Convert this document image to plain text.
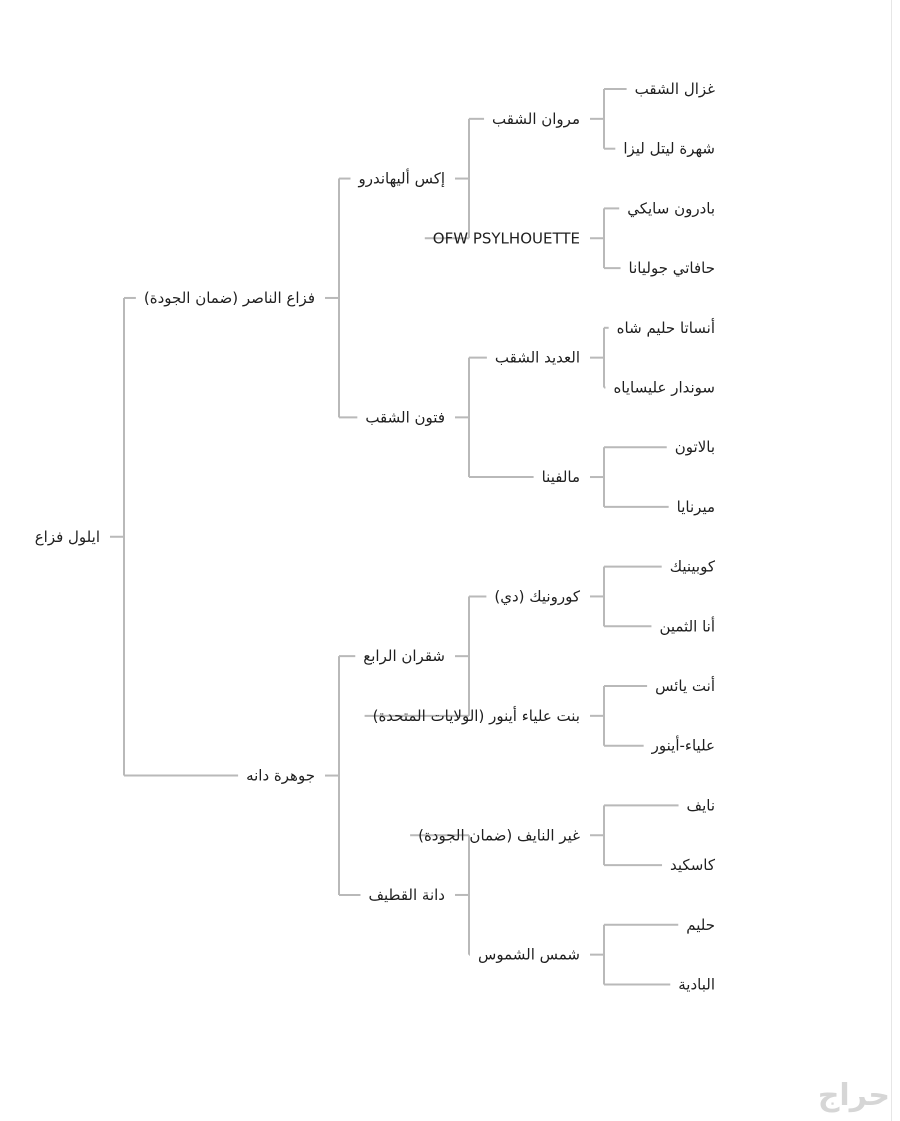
ايلول فزاع
فزاع الناصر (ضمان الجودة)
إكس أليهاندرو
مروان الشقب
غزال الشقب
شهرة ليتل ليزا
OFW PSYLHOUETTE
بادرون سايكي
حافاتي جوليانا
فتون الشقب
العديد الشقب
أنساتا حليم شاه
سوندار عليساياه
مالفينا
بالاتون
ميرنايا
جوهرة دانه
شقران الرابع
كورونيك (دي)
كوبينيك
أنا الثمين
بنت علياء أينور (الولايات المتحدة)
أنت يائس
علياء-أينور
دانة القطيف
غير النايف (ضمان الجودة)
نايف
كاسكيد
شمس الشموس
حليم
البادية
حراج
